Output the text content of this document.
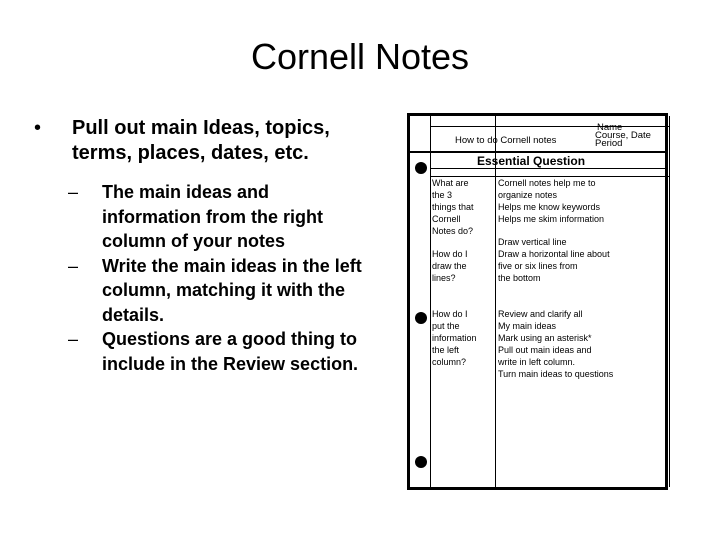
Cornell Notes
• Pull out main Ideas, topics, terms, places, dates, etc.
– The main ideas and information from the right column of your notes
– Write the main ideas in the left column, matching it with the details.
– Questions are a good thing to include in the Review section.
How to do Cornell notes
Name
Course, Date
Period
Essential Question
What are
the 3
things that
Cornell
Notes do?
Cornell notes help me to
organize notes
Helps me know keywords
Helps me skim information
How do I
draw the
lines?
Draw vertical line
Draw a horizontal line about
five or six lines from
the bottom
How do I
put the
information
the left
column?
Review and clarify all
My main ideas
Mark using an asterisk*
Pull out main ideas and
write in left column.
Turn main ideas to questions
